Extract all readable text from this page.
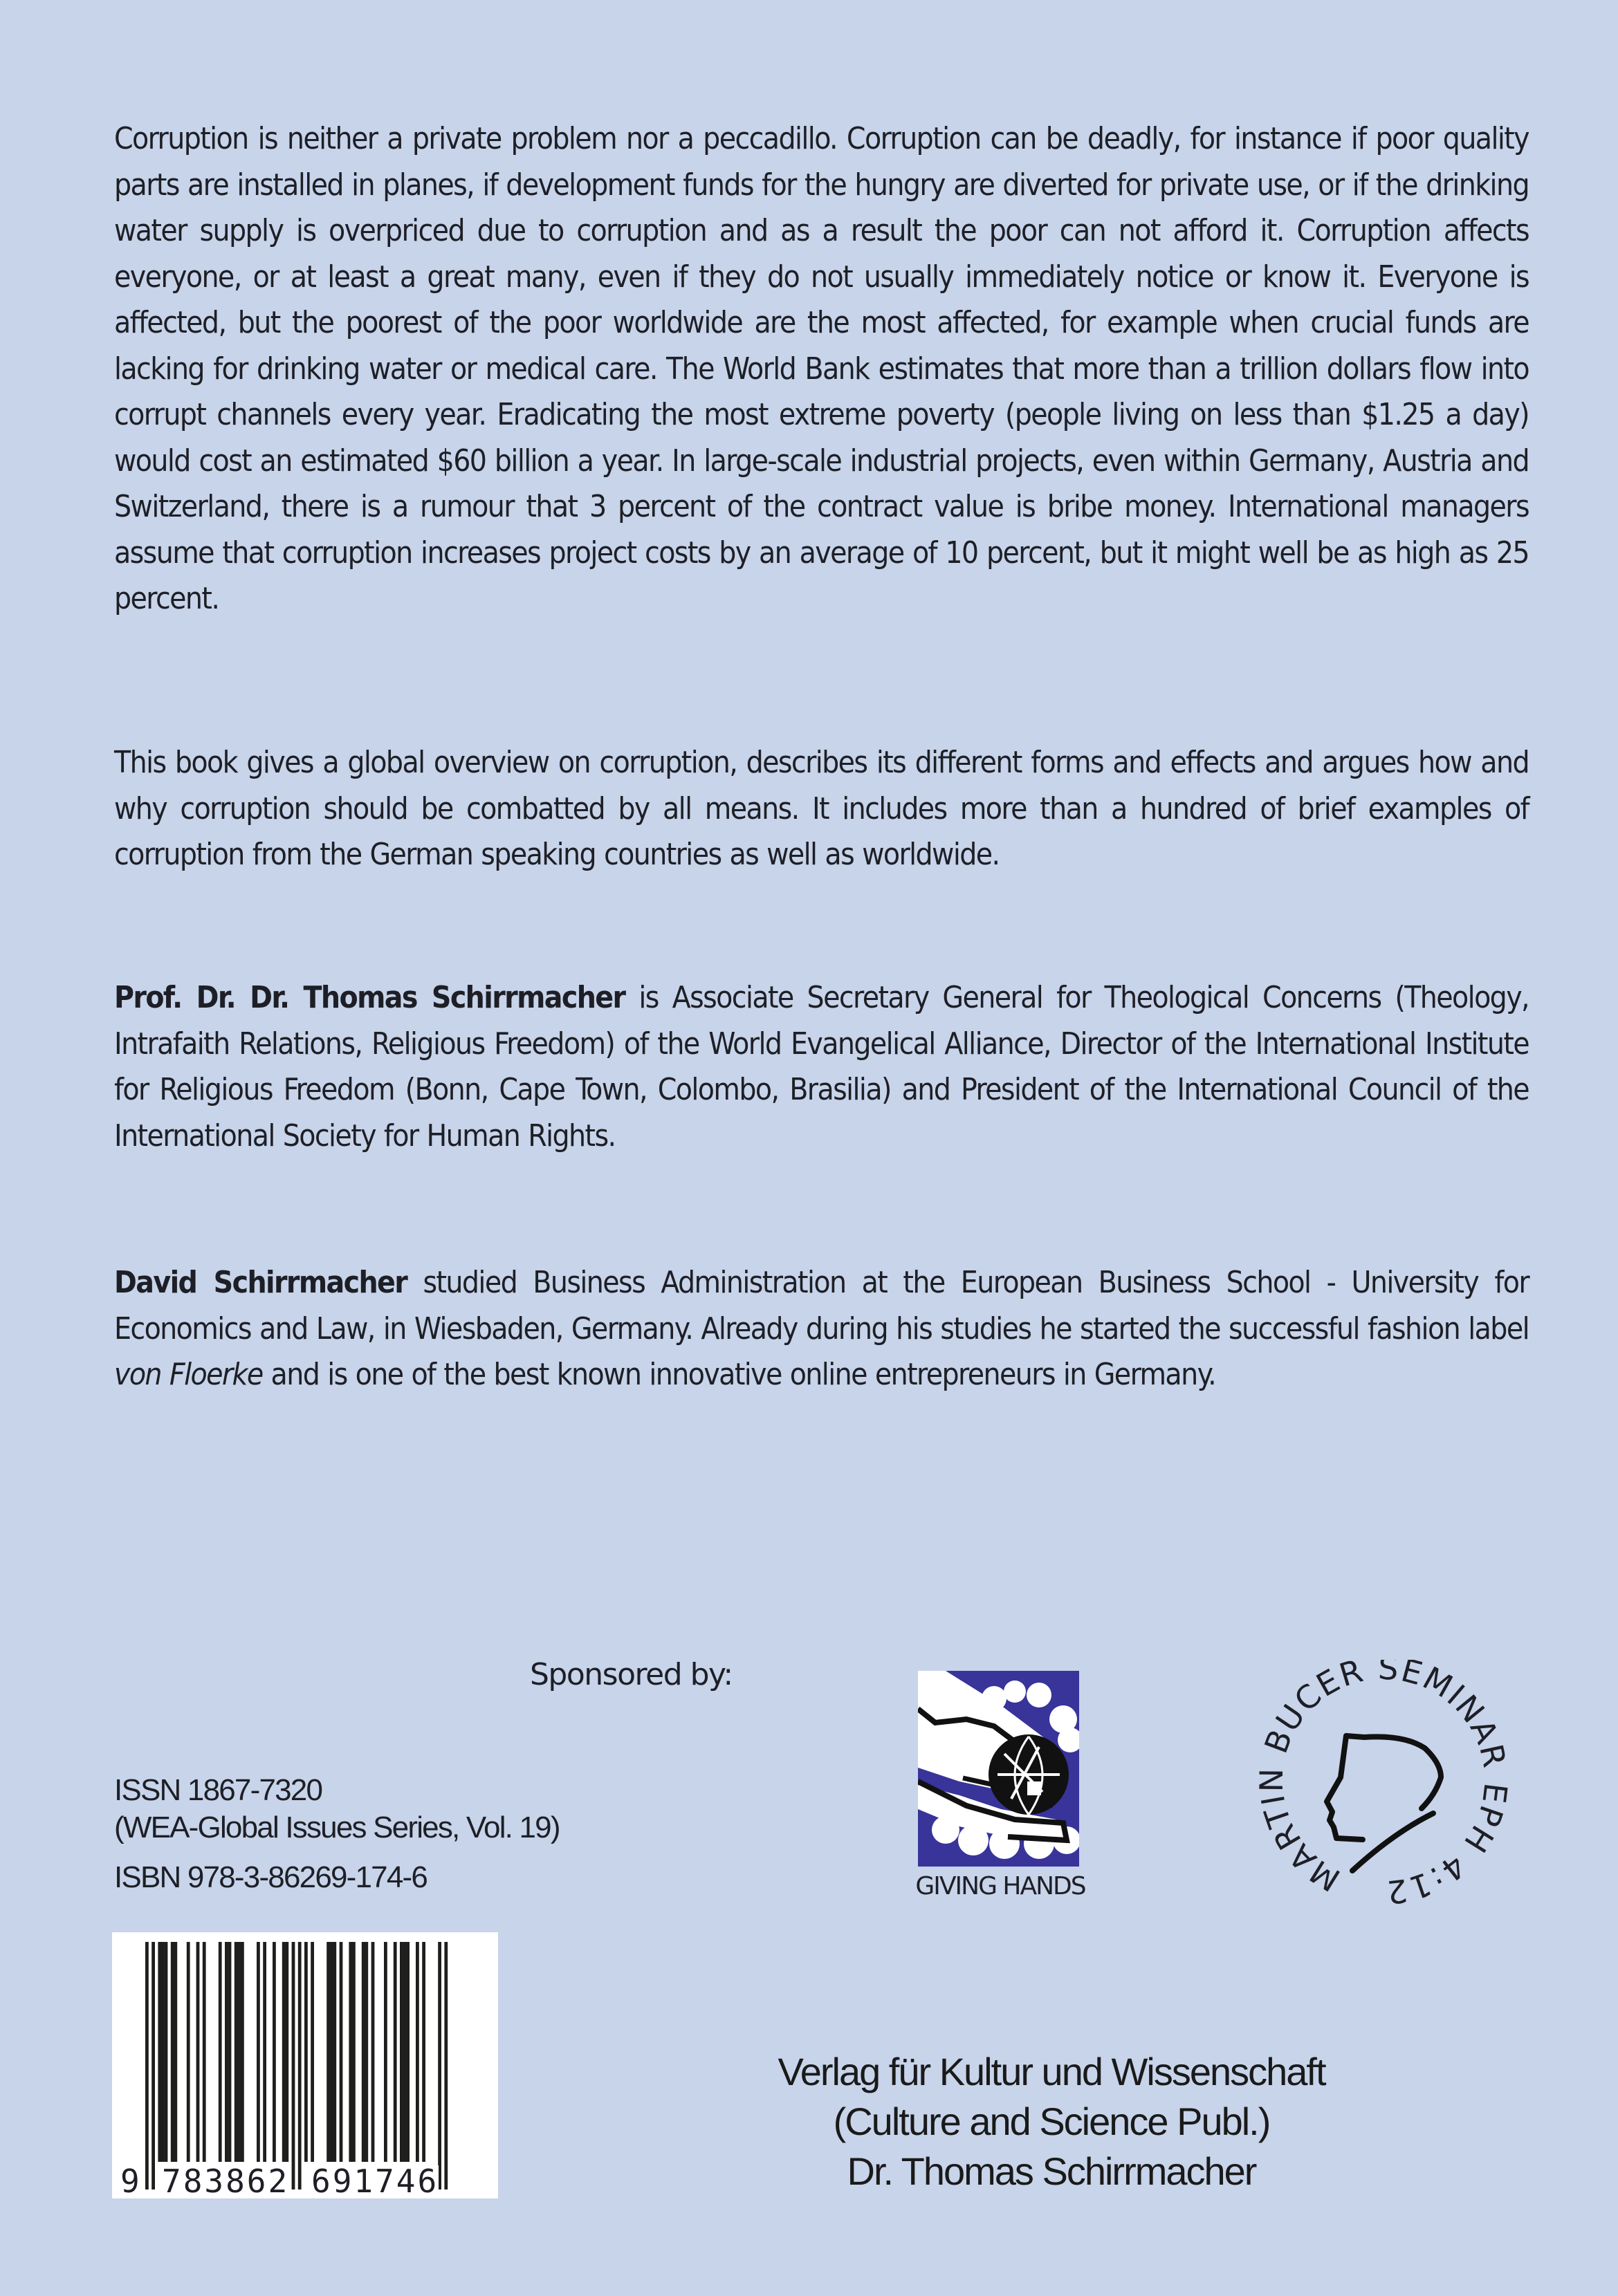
Corruption is neither a private problem nor a peccadillo. Corruption can be deadly, for instance if poor quality parts are installed in planes, if development funds for the hungry are diverted for private use, or if the drinking water supply is overpriced due to corruption and as a result the poor can not afford it. Corruption affects everyone, or at least a great many, even if they do not usually immediately notice or know it. Everyone is affected, but the poorest of the poor worldwide are the most affected, for example when crucial funds are lacking for drinking water or medical care. The World Bank estimates that more than a trillion dollars flow into corrupt channels every year. Eradicating the most extreme poverty (people living on less than $1.25 a day) would cost an estimated $60 billion a year. In large-scale industrial projects, even within Germany, Austria and Switzerland, there is a rumour that 3 percent of the contract value is bribe money. International managers assume that corruption increases project costs by an average of 10 percent, but it might well be as high as 25 percent.

This book gives a global overview on corruption, describes its different forms and effects and argues how and why corruption should be combatted by all means. It includes more than a hundred of brief examples of corruption from the German speaking countries as well as worldwide.

Prof. Dr. Dr. Thomas Schirrmacher is Associate Secretary General for Theological Concerns (Theology, Intrafaith Relations, Religious Freedom) of the World Evangelical Alliance, Director of the International Institute for Religious Freedom (Bonn, Cape Town, Colombo, Brasilia) and President of the International Council of the International Society for Human Rights.

David Schirrmacher studied Business Administration at the European Business School - University for Economics and Law, in Wiesbaden, Germany. Already during his studies he started the successful fashion label von Floerke and is one of the best known innovative online entrepreneurs in Germany.

Sponsored by:
ISSN 1867-7320
(WEA-Global Issues Series, Vol. 19)
ISBN 978-3-86269-174-6	GIVING HANDS	MARTIN BUCER SEMINAR EPH 4:12
9 783862 691746
Verlag für Kultur und Wissenschaft
(Culture and Science Publ.)
Dr. Thomas Schirrmacher
